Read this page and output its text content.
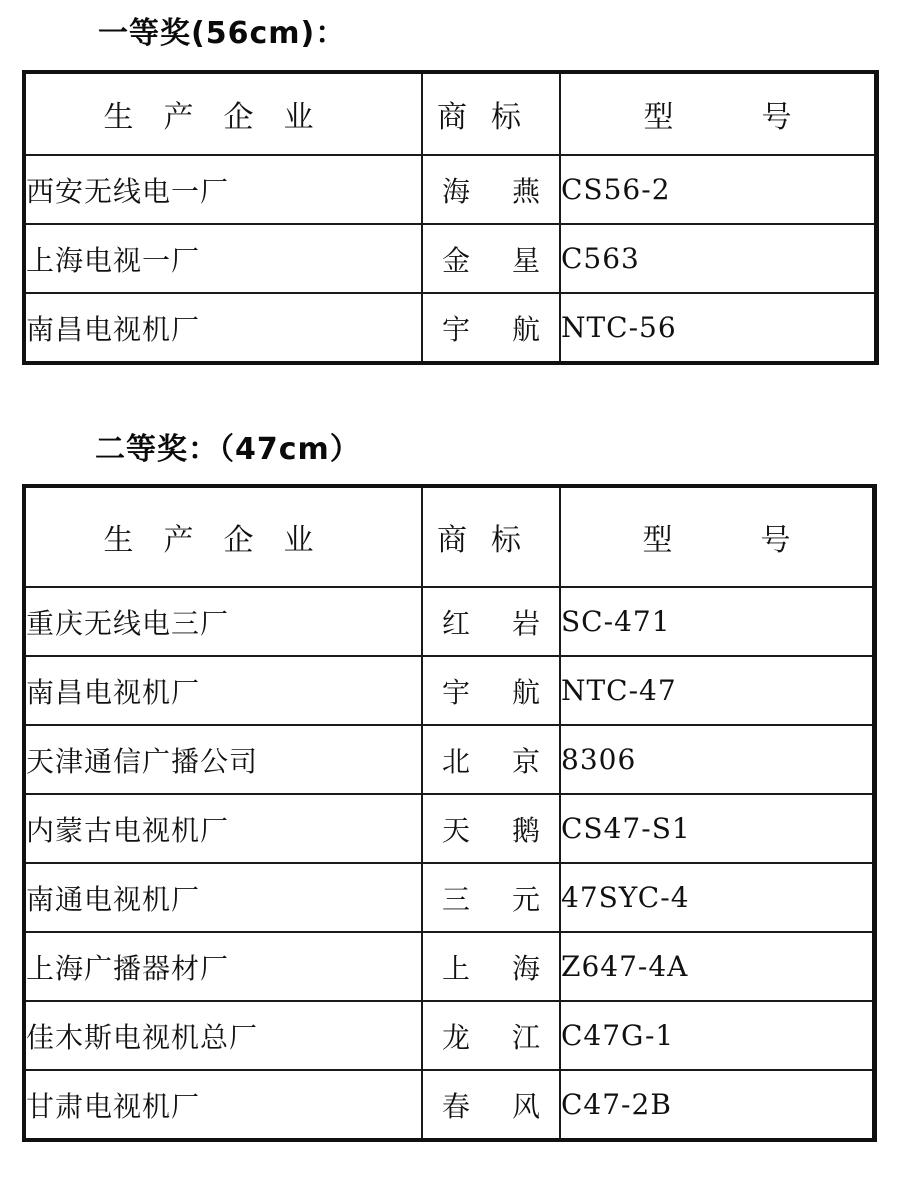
一等奖(56cm)：
生产企业	商标	型 号
西安无线电一厂	海 燕	CS56-2
上海电视一厂	金 星	C563
南昌电视机厂	宇 航	NTC-56
二等奖：（47cm）
生产企业	商标	型 号
重庆无线电三厂	红 岩	SC-471
南昌电视机厂	宇 航	NTC-47
天津通信广播公司	北 京	8306
内蒙古电视机厂	天 鹅	CS47-S1
南通电视机厂	三 元	47SYC-4
上海广播器材厂	上 海	Z647-4A
佳木斯电视机总厂	龙 江	C47G-1
甘肃电视机厂	春 风	C47-2B
